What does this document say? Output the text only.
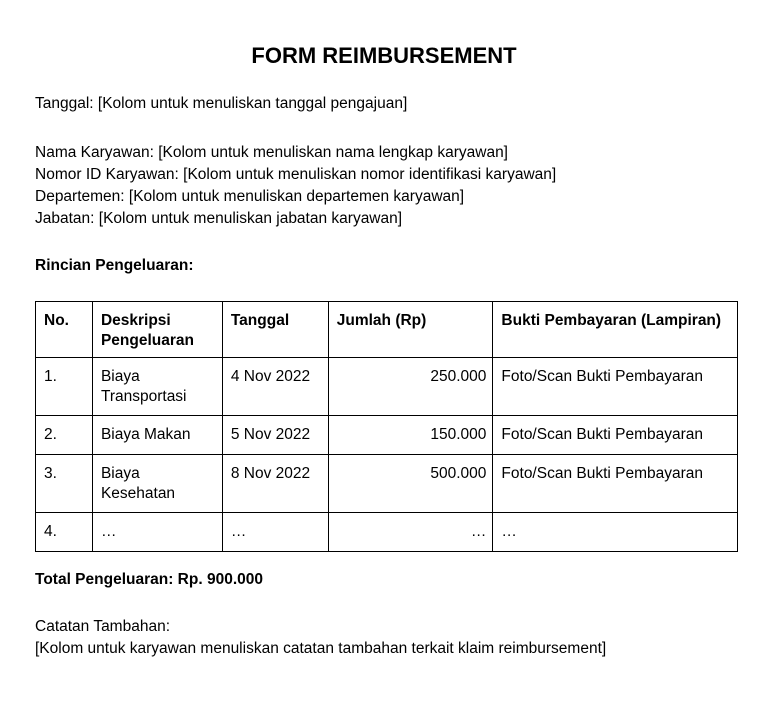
FORM REIMBURSEMENT
Tanggal: [Kolom untuk menuliskan tanggal pengajuan]
Nama Karyawan: [Kolom untuk menuliskan nama lengkap karyawan]
Nomor ID Karyawan: [Kolom untuk menuliskan nomor identifikasi karyawan]
Departemen: [Kolom untuk menuliskan departemen karyawan]
Jabatan: [Kolom untuk menuliskan jabatan karyawan]
Rincian Pengeluaran:
No.	Deskripsi Pengeluaran	Tanggal	Jumlah (Rp)	Bukti Pembayaran (Lampiran)
1.	Biaya Transportasi	4 Nov 2022	250.000	Foto/Scan Bukti Pembayaran
2.	Biaya Makan	5 Nov 2022	150.000	Foto/Scan Bukti Pembayaran
3.	Biaya Kesehatan	8 Nov 2022	500.000	Foto/Scan Bukti Pembayaran
4.	…	…	…	…
Total Pengeluaran: Rp. 900.000
Catatan Tambahan:
[Kolom untuk karyawan menuliskan catatan tambahan terkait klaim reimbursement]
